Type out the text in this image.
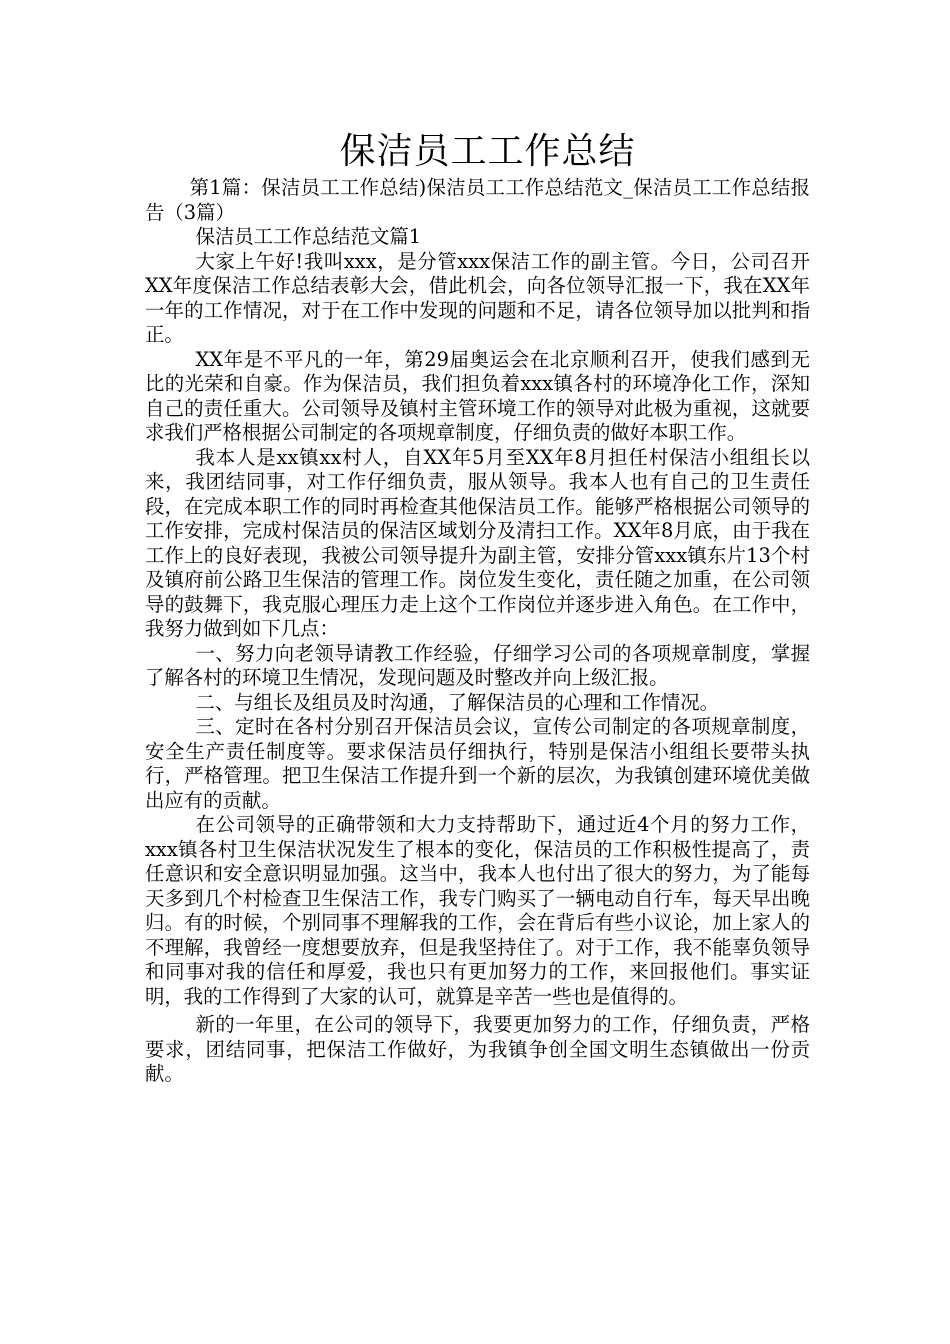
保洁员工工作总结

第1篇：保洁员工工作总结)保洁员工工作总结范文_保洁员工工作总结报告（3篇）

保洁员工工作总结范文篇1

大家上午好!我叫xxx，是分管xxx保洁工作的副主管。今日，公司召开XX年度保洁工作总结表彰大会，借此机会，向各位领导汇报一下，我在XX年一年的工作情况，对于在工作中发现的问题和不足，请各位领导加以批判和指正。

XX年是不平凡的一年，第29届奥运会在北京顺利召开，使我们感到无比的光荣和自豪。作为保洁员，我们担负着xxx镇各村的环境净化工作，深知自己的责任重大。公司领导及镇村主管环境工作的领导对此极为重视，这就要求我们严格根据公司制定的各项规章制度，仔细负责的做好本职工作。

我本人是xx镇xx村人，自XX年5月至XX年8月担任村保洁小组组长以来，我团结同事，对工作仔细负责，服从领导。我本人也有自己的卫生责任段，在完成本职工作的同时再检查其他保洁员工作。能够严格根据公司领导的工作安排，完成村保洁员的保洁区域划分及清扫工作。XX年8月底，由于我在工作上的良好表现，我被公司领导提升为副主管，安排分管xxx镇东片13个村及镇府前公路卫生保洁的管理工作。岗位发生变化，责任随之加重，在公司领导的鼓舞下，我克服心理压力走上这个工作岗位并逐步进入角色。在工作中，我努力做到如下几点：

一、努力向老领导请教工作经验，仔细学习公司的各项规章制度，掌握了解各村的环境卫生情况，发现问题及时整改并向上级汇报。

二、与组长及组员及时沟通，了解保洁员的心理和工作情况。

三、定时在各村分别召开保洁员会议，宣传公司制定的各项规章制度，安全生产责任制度等。要求保洁员仔细执行，特别是保洁小组组长要带头执行，严格管理。把卫生保洁工作提升到一个新的层次，为我镇创建环境优美做出应有的贡献。

在公司领导的正确带领和大力支持帮助下，通过近4个月的努力工作，xxx镇各村卫生保洁状况发生了根本的变化，保洁员的工作积极性提高了，责任意识和安全意识明显加强。这当中，我本人也付出了很大的努力，为了能每天多到几个村检查卫生保洁工作，我专门购买了一辆电动自行车，每天早出晚归。有的时候，个别同事不理解我的工作，会在背后有些小议论，加上家人的不理解，我曾经一度想要放弃，但是我坚持住了。对于工作，我不能辜负领导和同事对我的信任和厚爱，我也只有更加努力的工作，来回报他们。事实证明，我的工作得到了大家的认可，就算是辛苦一些也是值得的。

新的一年里，在公司的领导下，我要更加努力的工作，仔细负责，严格要求，团结同事，把保洁工作做好，为我镇争创全国文明生态镇做出一份贡献。
